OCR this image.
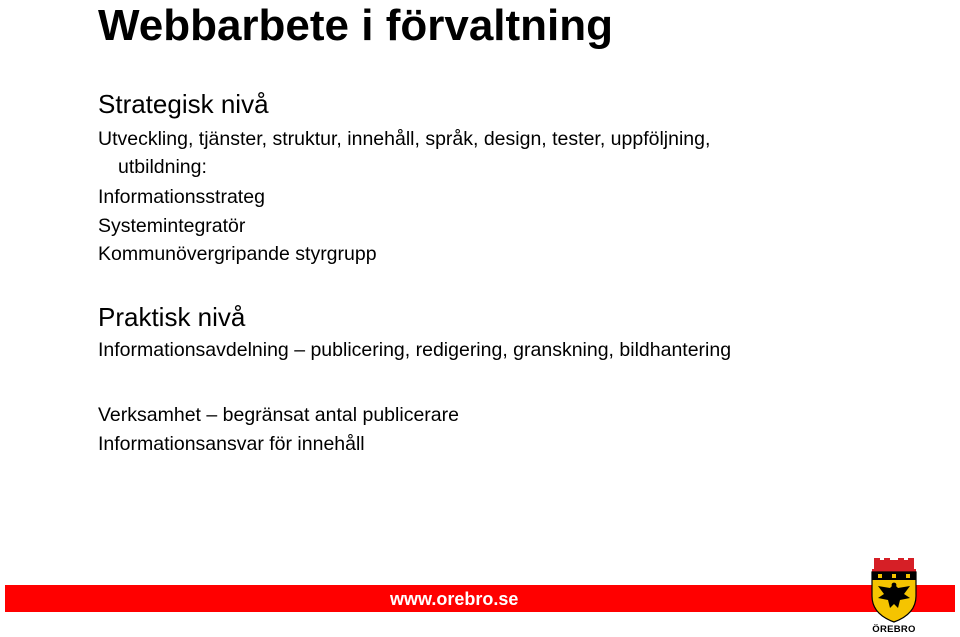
Webbarbete i förvaltning
Strategisk nivå
Utveckling, tjänster, struktur, innehåll, språk, design, tester, uppföljning,
utbildning:
Informationsstrateg
Systemintegratör
Kommunövergripande styrgrupp
Praktisk nivå
Informationsavdelning – publicering, redigering, granskning, bildhantering
Verksamhet – begränsat antal publicerare
Informationsansvar för innehåll
www.orebro.se
ÖREBRO
